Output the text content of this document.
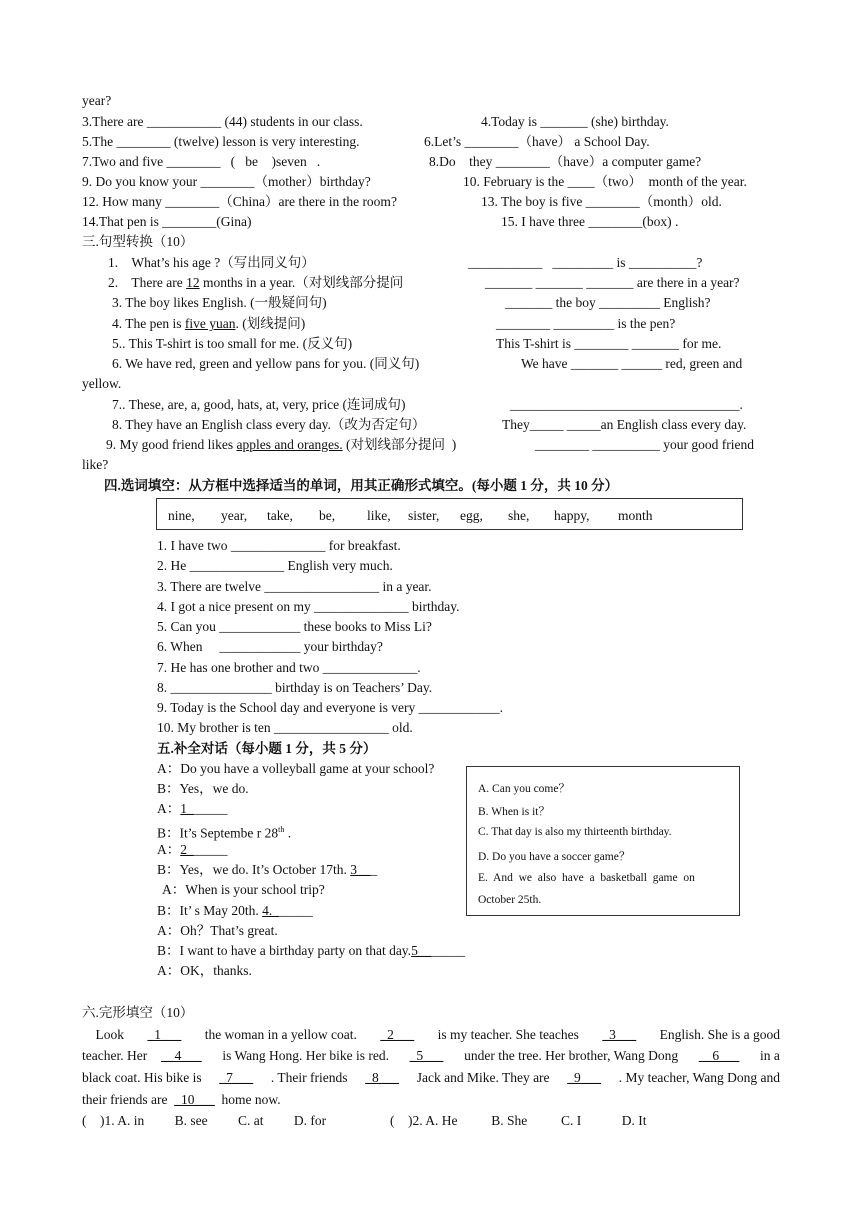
year?
3.There are ___________ (44) students in our class.	4.Today is _______ (she) birthday.
5.The ________ (twelve) lesson is very interesting.	6.Let’s ________（have） a School Day.
7.Two and five ________   (   be    )seven   .	8.Do    they ________（have）a computer game?
9. Do you know your ________（mother）birthday?	10. February is the ____（two）  month of the year.
12. How many ________（China）are there in the room?	13. The boy is five ________（month）old.
14.That pen is ________(Gina)	15. I have three ________(box) .
三.句型转换（10）
1.    What’s his age ?（写出同义句）	___________   _________ is __________?
2.    There are 12 months in a year.（对划线部分提问	_______ _______ _______ are there in a year?
3. The boy likes English. (一般疑问句)	_______ the boy _________ English?
4. The pen is five yuan. (划线提问)	________ _________ is the pen?
5.. This T-shirt is too small for me. (反义句)	This T-shirt is ________ _______ for me.
6. We have red, green and yellow pans for you. (同义句)	We have _______ ______ red, green and
yellow.
7.. These, are, a, good, hats, at, very, price (连词成句)	__________________________________.
8. They have an English class every day.（改为否定句）	They_____ _____an English class every day.
9. My good friend likes apples and oranges. (对划线部分提问  )	________ __________ your good friend
like?
四.选词填空：从方框中选择适当的单词，用其正确形式填空。(每小题 1 分，共 10 分）
nine, year, take, be, like, sister, egg, she, happy, month
1. I have two ______________ for breakfast.
2. He ______________ English very much.
3. There are twelve _________________ in a year.
4. I got a nice present on my ______________ birthday.
5. Can you ____________ these books to Miss Li?
6. When     ____________ your birthday?
7. He has one brother and two ______________.
8. _______________ birthday is on Teachers’ Day.
9. Today is the School day and everyone is very ____________.
10. My brother is ten _________________ old.
五.补全对话（每小题 1 分，共 5 分）
A：Do you have a volleyball game at your school?
B：Yes，we do.
A：1______
B：It’s Septembe r 28th .
A：2______
B：Yes，we do. It’s October 17th. 3___
A：When is your school trip?
B：It’ s May 20th. 4.______
A：Oh？That’s great.
B：I want to have a birthday party on that day.5_______
A：OK，thanks.
A. Can you come？
B. When is it？
C. That day is also my thirteenth birthday.
D. Do you have a soccer game？
E.  And  we  also  have  a  basketball  game  on
October 25th.
六.完形填空（10）
Look _1___ the woman in a yellow coat. _2___ is my teacher. She teaches _3___ English. She is a good
teacher. Her __4___ is Wang Hong. Her bike is red. _5___ under the tree. Her brother, Wang Dong __6___ in a
black coat. His bike is _7___ . Their friends _8___ Jack and Mike. They are _9___ . My teacher, Wang Dong and
their friends are  _10___  home now.
(    )1. A. in         B. see         C. at         D. for	(    )2. A. He          B. She          C. I            D. It
